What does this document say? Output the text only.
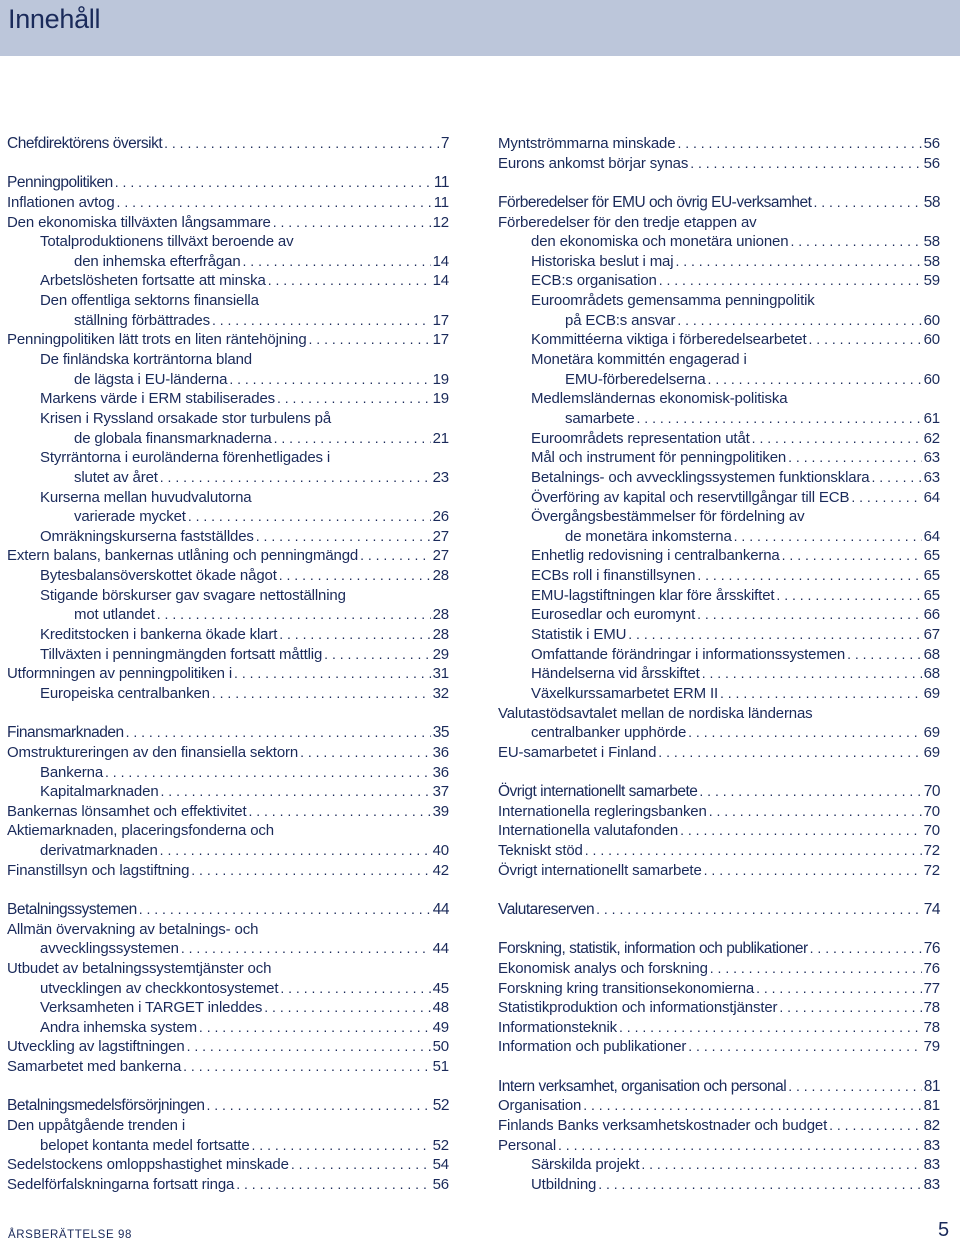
Innehåll
Chefdirektörens översikt . . .	7
Penningpolitiken . . .	11
Inflationen avtog . . .	11
Den ekonomiska tillväxten långsammare . . .	12
Totalproduktionens tillväxt beroende av
den inhemska efterfrågan . . .	14
Arbetslösheten fortsatte att minska . . .	14
Den offentliga sektorns finansiella
ställning förbättrades . . .	17
Penningpolitiken lätt trots en liten räntehöjning . . .	17
De finländska korträntorna bland
de lägsta i EU-länderna . . .	19
Markens värde i ERM stabiliserades . . .	19
Krisen i Ryssland orsakade stor turbulens på
de globala finansmarknaderna . . .	21
Styrräntorna i euroländerna förenhetligades i
slutet av året . . .	23
Kurserna mellan huvudvalutorna
varierade mycket . . .	26
Omräkningskurserna fastställdes . . .	27
Extern balans, bankernas utlåning och penningmängd . . .	27
Bytesbalansöverskottet ökade något . . .	28
Stigande börskurser gav svagare nettoställning
mot utlandet . . .	28
Kreditstocken i bankerna ökade klart . . .	28
Tillväxten i penningmängden fortsatt måttlig . . .	29
Utformningen av penningpolitiken i . . .	31
Europeiska centralbanken . . .	32
Finansmarknaden . . .	35
Omstruktureringen av den finansiella sektorn . . .	36
Bankerna . . .	36
Kapitalmarknaden . . .	37
Bankernas lönsamhet och effektivitet . . .	39
Aktiemarknaden, placeringsfonderna och
derivatmarknaden . . .	40
Finanstillsyn och lagstiftning . . .	42
Betalningssystemen . . .	44
Allmän övervakning av betalnings- och
avvecklingssystemen . . .	44
Utbudet av betalningssystemtjänster och
utvecklingen av checkkontosystemet . . .	45
Verksamheten i TARGET inleddes . . .	48
Andra inhemska system . . .	49
Utveckling av lagstiftningen . . .	50
Samarbetet med bankerna . . .	51
Betalningsmedelsförsörjningen . . .	52
Den uppåtgående trenden i
belopet kontanta medel fortsatte . . .	52
Sedelstockens omloppshastighet minskade . . .	54
Sedelförfalskningarna fortsatt ringa . . .	56
Myntströmmarna minskade . . .	56
Eurons ankomst börjar synas . . .	56
Förberedelser för EMU och övrig EU-verksamhet . . .	58
Förberedelser för den tredje etappen av
den ekonomiska och monetära unionen . . .	58
Historiska beslut i maj . . .	58
ECB:s organisation . . .	59
Euroområdets gemensamma penningpolitik
på ECB:s ansvar . . .	60
Kommittéerna viktiga i förberedelsearbetet . . .	60
Monetära kommittén engagerad i
EMU-förberedelserna . . .	60
Medlemsländernas ekonomisk-politiska
samarbete . . .	61
Euroområdets representation utåt . . .	62
Mål och instrument för penningpolitiken . . .	63
Betalnings- och avvecklingssystemen funktionsklara . . .	63
Överföring av kapital och reservtillgångar till ECB . . .	64
Övergångsbestämmelser för fördelning av
de monetära inkomsterna . . .	64
Enhetlig redovisning i centralbankerna . . .	65
ECBs roll i finanstillsynen . . .	65
EMU-lagstiftningen klar före årsskiftet . . .	65
Eurosedlar och euromynt . . .	66
Statistik i EMU . . .	67
Omfattande förändringar i informationssystemen . . .	68
Händelserna vid årsskiftet . . .	68
Växelkurssamarbetet ERM II . . .	69
Valutastödsavtalet mellan de nordiska ländernas
centralbanker upphörde . . .	69
EU-samarbetet i Finland . . .	69
Övrigt internationellt samarbete . . .	70
Internationella regleringsbanken . . .	70
Internationella valutafonden . . .	70
Tekniskt stöd . . .	72
Övrigt internationellt samarbete . . .	72
Valutareserven . . .	74
Forskning, statistik, information och publikationer . . .	76
Ekonomisk analys och forskning . . .	76
Forskning kring transitionsekonomierna . . .	77
Statistikproduktion och informationstjänster . . .	78
Informationsteknik . . .	78
Information och publikationer . . .	79
Intern verksamhet, organisation och personal . . .	81
Organisation . . .	81
Finlands Banks verksamhetskostnader och budget . . .	82
Personal . . .	83
Särskilda projekt . . .	83
Utbildning . . .	83
ÅRSBERÄTTELSE 98	5
